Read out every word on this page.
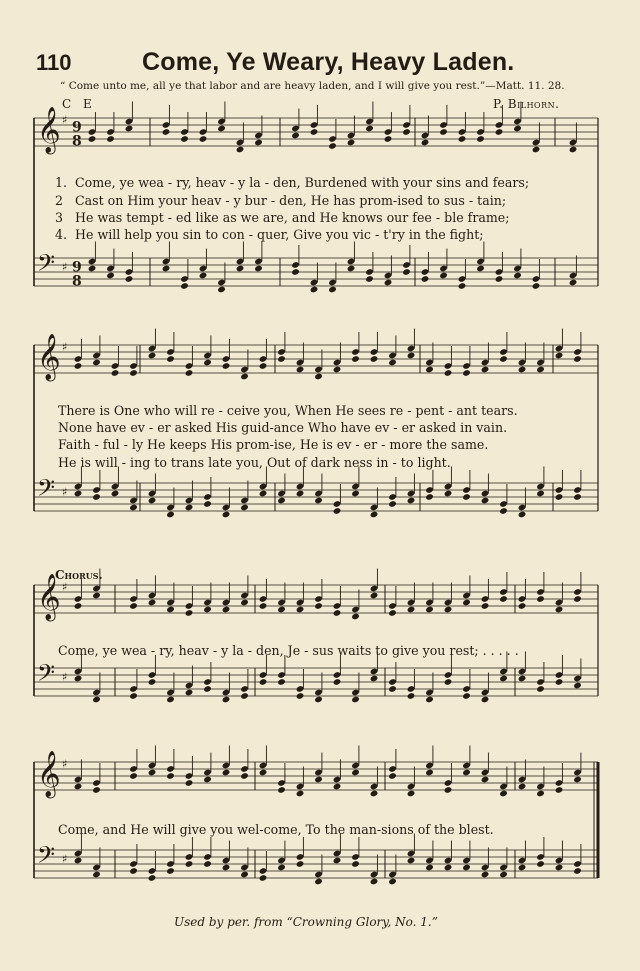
110	Come, Ye Weary, Heavy Laden.
“ Come unto me, all ye that labor and are heavy laden, and I will give you rest.”—Matt. 11. 28.
C E	P. Bilhorn.
𝄞 ♯ 9
8
𝄢 ♯ 9
8
𝄞 ♯
𝄢 ♯
𝄞 ♯
𝄢 ♯
𝄞 ♯
𝄢 ♯
1. Come, ye wea - ry, heav - y la - den, Burdened with your sins and fears;
2 Cast on Him your heav - y bur - den, He has prom-ised to sus - tain;
3 He was tempt - ed like as we are, and He knows our fee - ble frame;
4. He will help you sin to con - quer, Give you vic - t'ry in the fight;
There is One who will re - ceive you, When He sees re - pent - ant tears.
None have ev - er asked His guid-ance Who have ev - er asked in vain.
Faith - ful - ly He keeps His prom-ise, He is ev - er - more the same.
He is will - ing to trans late you, Out of dark ness in - to light.
Chorus.
Come, ye wea - ry, heav - y la - den, Je - sus waits to give you rest; . . . . .
Come, and He will give you wel-come, To the man-sions of the blest.
Used by per. from “Crowning Glory, No. 1.”
